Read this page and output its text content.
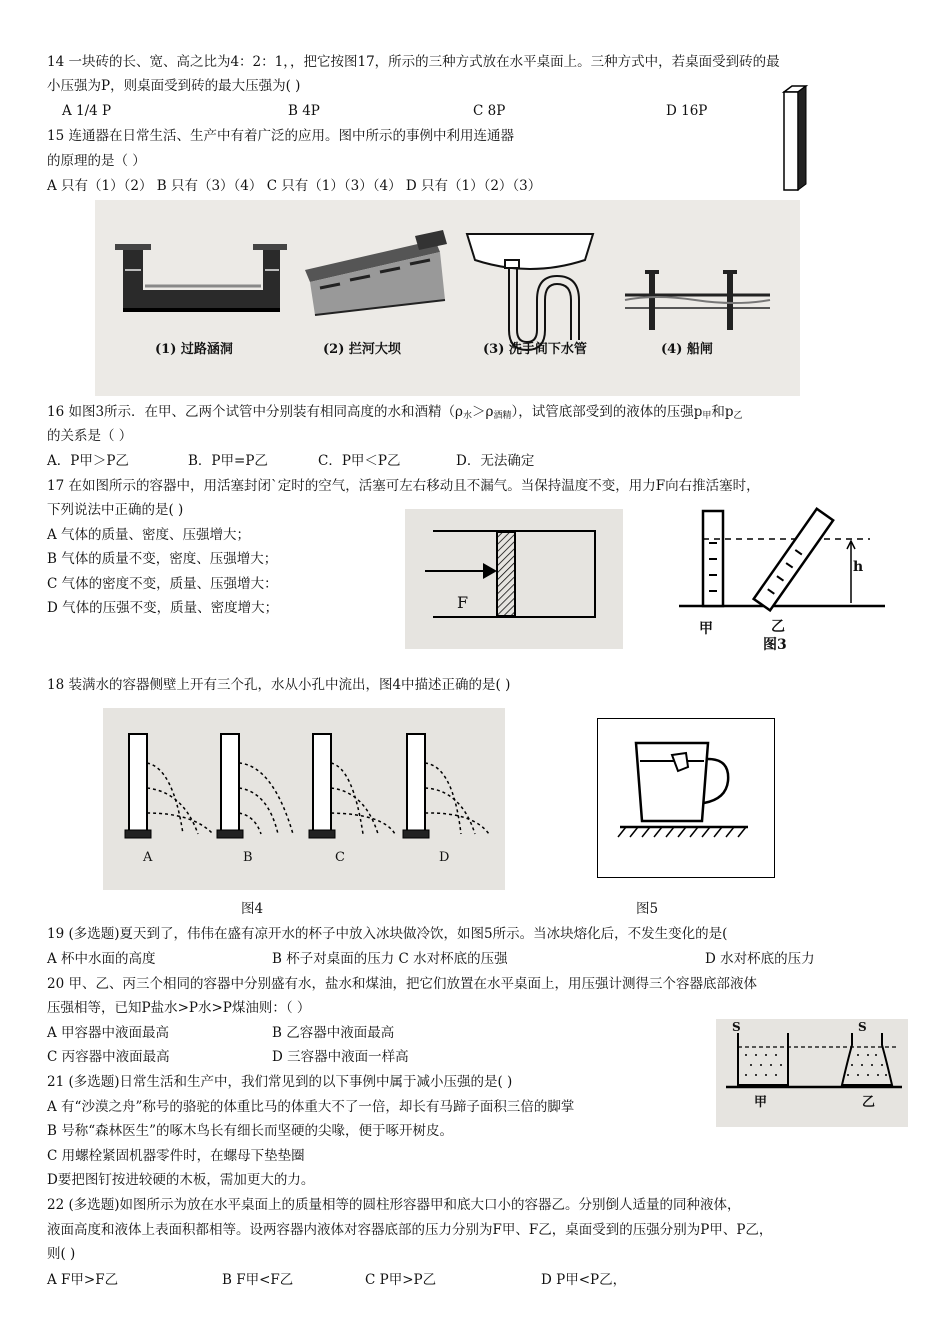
14 一块砖的长、宽、高之比为4：2：1，，把它按图17，所示的三种方式放在水平桌面上。三种方式中，若桌面受到砖的最
小压强为P，则桌面受到砖的最大压强为( )
A 1/4 P	B 4P	C 8P	D 16P
15 连通器在日常生活、生产中有着广泛的应用。图中所示的事例中利用连通器
的原理的是（ ）
A 只有（1）（2） B 只有（3）（4） C 只有（1）（3）（4） D 只有（1）（2）（3）
(1) 过路涵洞	(2) 拦河大坝	(3) 洗手间下水管	(4) 船闸
16 如图3所示．在甲、乙两个试管中分别装有相同高度的水和酒精$(\rho_水>\rho_{酒精})$，试管底部受到的液体的压强$p_甲$和$p_乙$
的关系是（ ）
A．P甲＞P乙	B．P甲=P乙	C．P甲＜P乙	D．无法确定
17 在如图所示的容器中，用活塞封闭`定时的空气，活塞可左右移动且不漏气。当保持温度不变，用力F向右推活塞时，
下列说法中正确的是( )
A 气体的质量、密度、压强增大；
B 气体的质量不变，密度、压强增大；
C 气体的密度不变，质量、压强增大：
D 气体的压强不变，质量、密度增大；	F
h
甲	乙
图3
18 装满水的容器侧壁上开有三个孔，水从小孔中流出，图4中描述正确的是( )
A	B	C	D
图4	图5
19 (多选题)夏天到了，伟伟在盛有凉开水的杯子中放入冰块做冷饮，如图5所示。当冰块熔化后，不发生变化的是(
A 杯中水面的高度	B 杯子对桌面的压力 C 水对杯底的压强	D 水对杯底的压力
20 甲、乙、丙三个相同的容器中分别盛有水，盐水和煤油，把它们放置在水平桌面上，用压强计测得三个容器底部液体
压强相等，已知P盐水>P水>P煤油则：（ ）
A 甲容器中液面最高	B 乙容器中液面最高
C 丙容器中液面最高	D 三容器中液面一样高
S	S
甲	乙
21 (多选题)日常生活和生产中，我们常见到的以下事例中属于减小压强的是( )
A 有“沙漠之舟”称号的骆驼的体重比马的体重大不了一倍，却长有马蹄子面积三倍的脚掌
B 号称“森林医生”的啄木鸟长有细长而坚硬的尖喙，便于啄开树皮。
C 用螺栓紧固机器零件时，在螺母下垫垫圈
D要把图钉按进较硬的木板，需加更大的力。
22 (多选题)如图所示为放在水平桌面上的质量相等的圆柱形容器甲和底大口小的容器乙。分别倒人适量的同种液体，
液面高度和液体上表面积都相等。设两容器内液体对容器底部的压力分别为F甲、F乙，桌面受到的压强分别为P甲、P乙，
则( )
A F甲>F乙	B F甲<F乙	C P甲>P乙	D P甲<P乙，
